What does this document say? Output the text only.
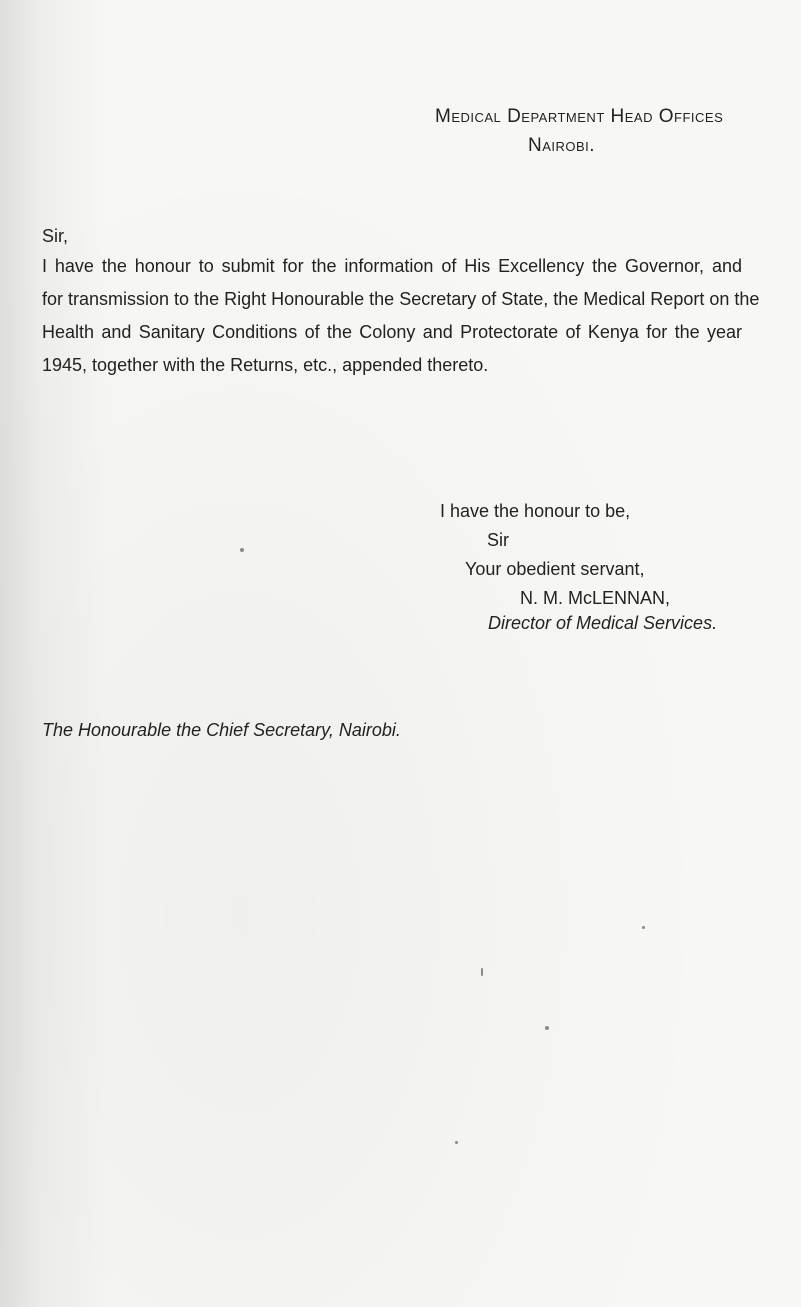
Medical Department Head Offices
Nairobi.
Sir,
I have the honour to submit for the information of His Excellency the Governor, and
for transmission to the Right Honourable the Secretary of State, the Medical Report on the
Health and Sanitary Conditions of the Colony and Protectorate of Kenya for the year
1945, together with the Returns, etc., appended thereto.
I have the honour to be,
Sir
Your obedient servant,
N. M. McLENNAN,
Director of Medical Services.
The Honourable the Chief Secretary, Nairobi.
